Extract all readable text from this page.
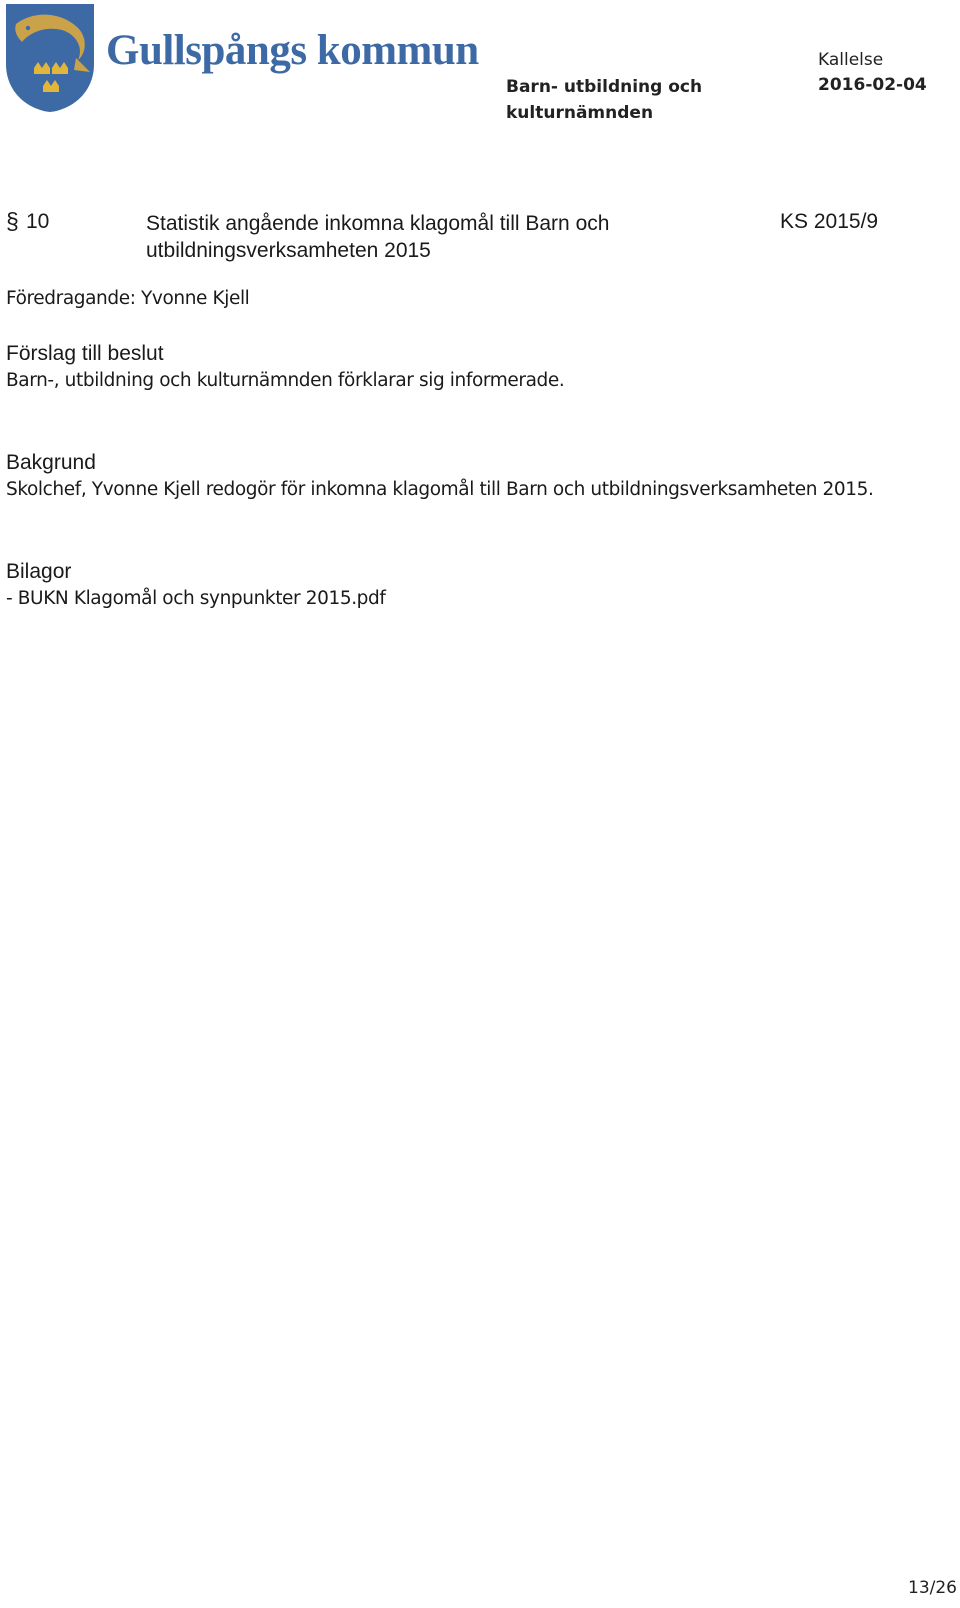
Gullspångs kommun
Barn- utbildning och kulturnämnden
Kallelse
2016-02-04
§ 10	Statistik angående inkomna klagomål till Barn och utbildningsverksamheten 2015
KS 2015/9
Föredragande: Yvonne Kjell
Förslag till beslut
Barn-, utbildning och kulturnämnden förklarar sig informerade.
Bakgrund
Skolchef, Yvonne Kjell redogör för inkomna klagomål till Barn och utbildningsverksamheten 2015.
Bilagor
- BUKN Klagomål och synpunkter 2015.pdf
13/26
